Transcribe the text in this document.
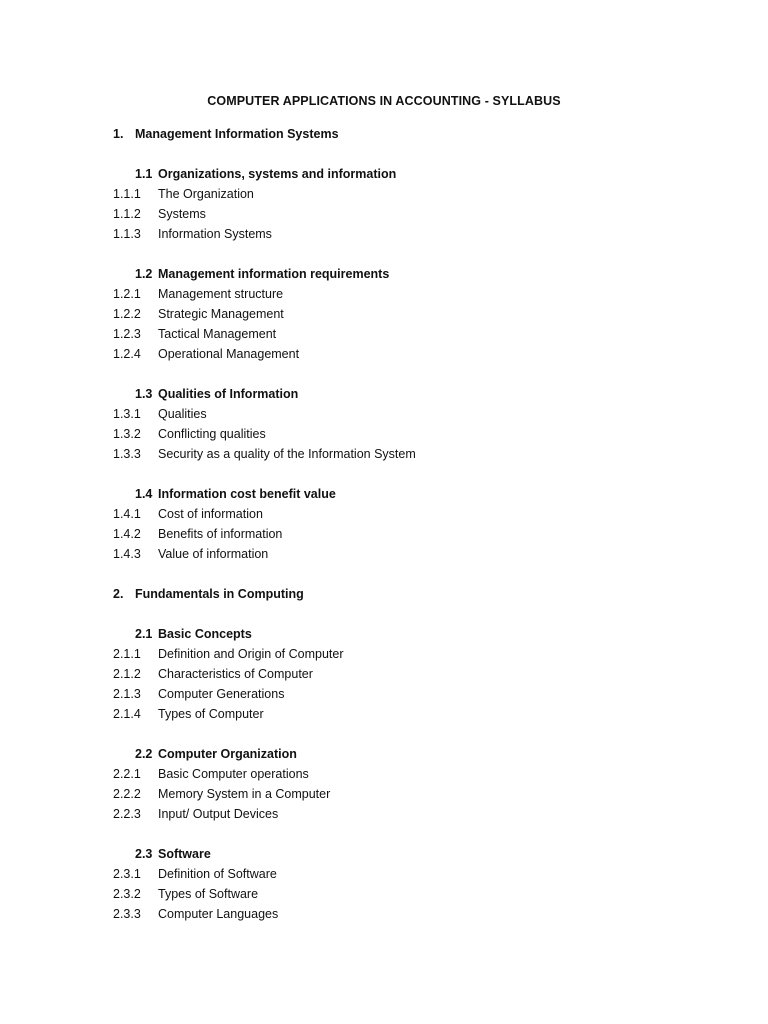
COMPUTER APPLICATIONS IN ACCOUNTING - SYLLABUS
1. Management Information Systems
1.1 Organizations, systems and information
1.1.1	The Organization
1.1.2	Systems
1.1.3	Information Systems
1.2 Management information requirements
1.2.1	Management structure
1.2.2	Strategic Management
1.2.3	Tactical Management
1.2.4	Operational Management
1.3 Qualities of Information
1.3.1	Qualities
1.3.2	Conflicting qualities
1.3.3	Security as a quality of the Information System
1.4 Information cost benefit value
1.4.1	Cost of information
1.4.2	Benefits of information
1.4.3	Value of information
2. Fundamentals in Computing
2.1 Basic Concepts
2.1.1	Definition and Origin of Computer
2.1.2	Characteristics of Computer
2.1.3	Computer Generations
2.1.4	Types of Computer
2.2 Computer Organization
2.2.1	Basic Computer operations
2.2.2	Memory System in a Computer
2.2.3	Input/ Output Devices
2.3 Software
2.3.1	Definition of Software
2.3.2	Types of Software
2.3.3	Computer Languages
